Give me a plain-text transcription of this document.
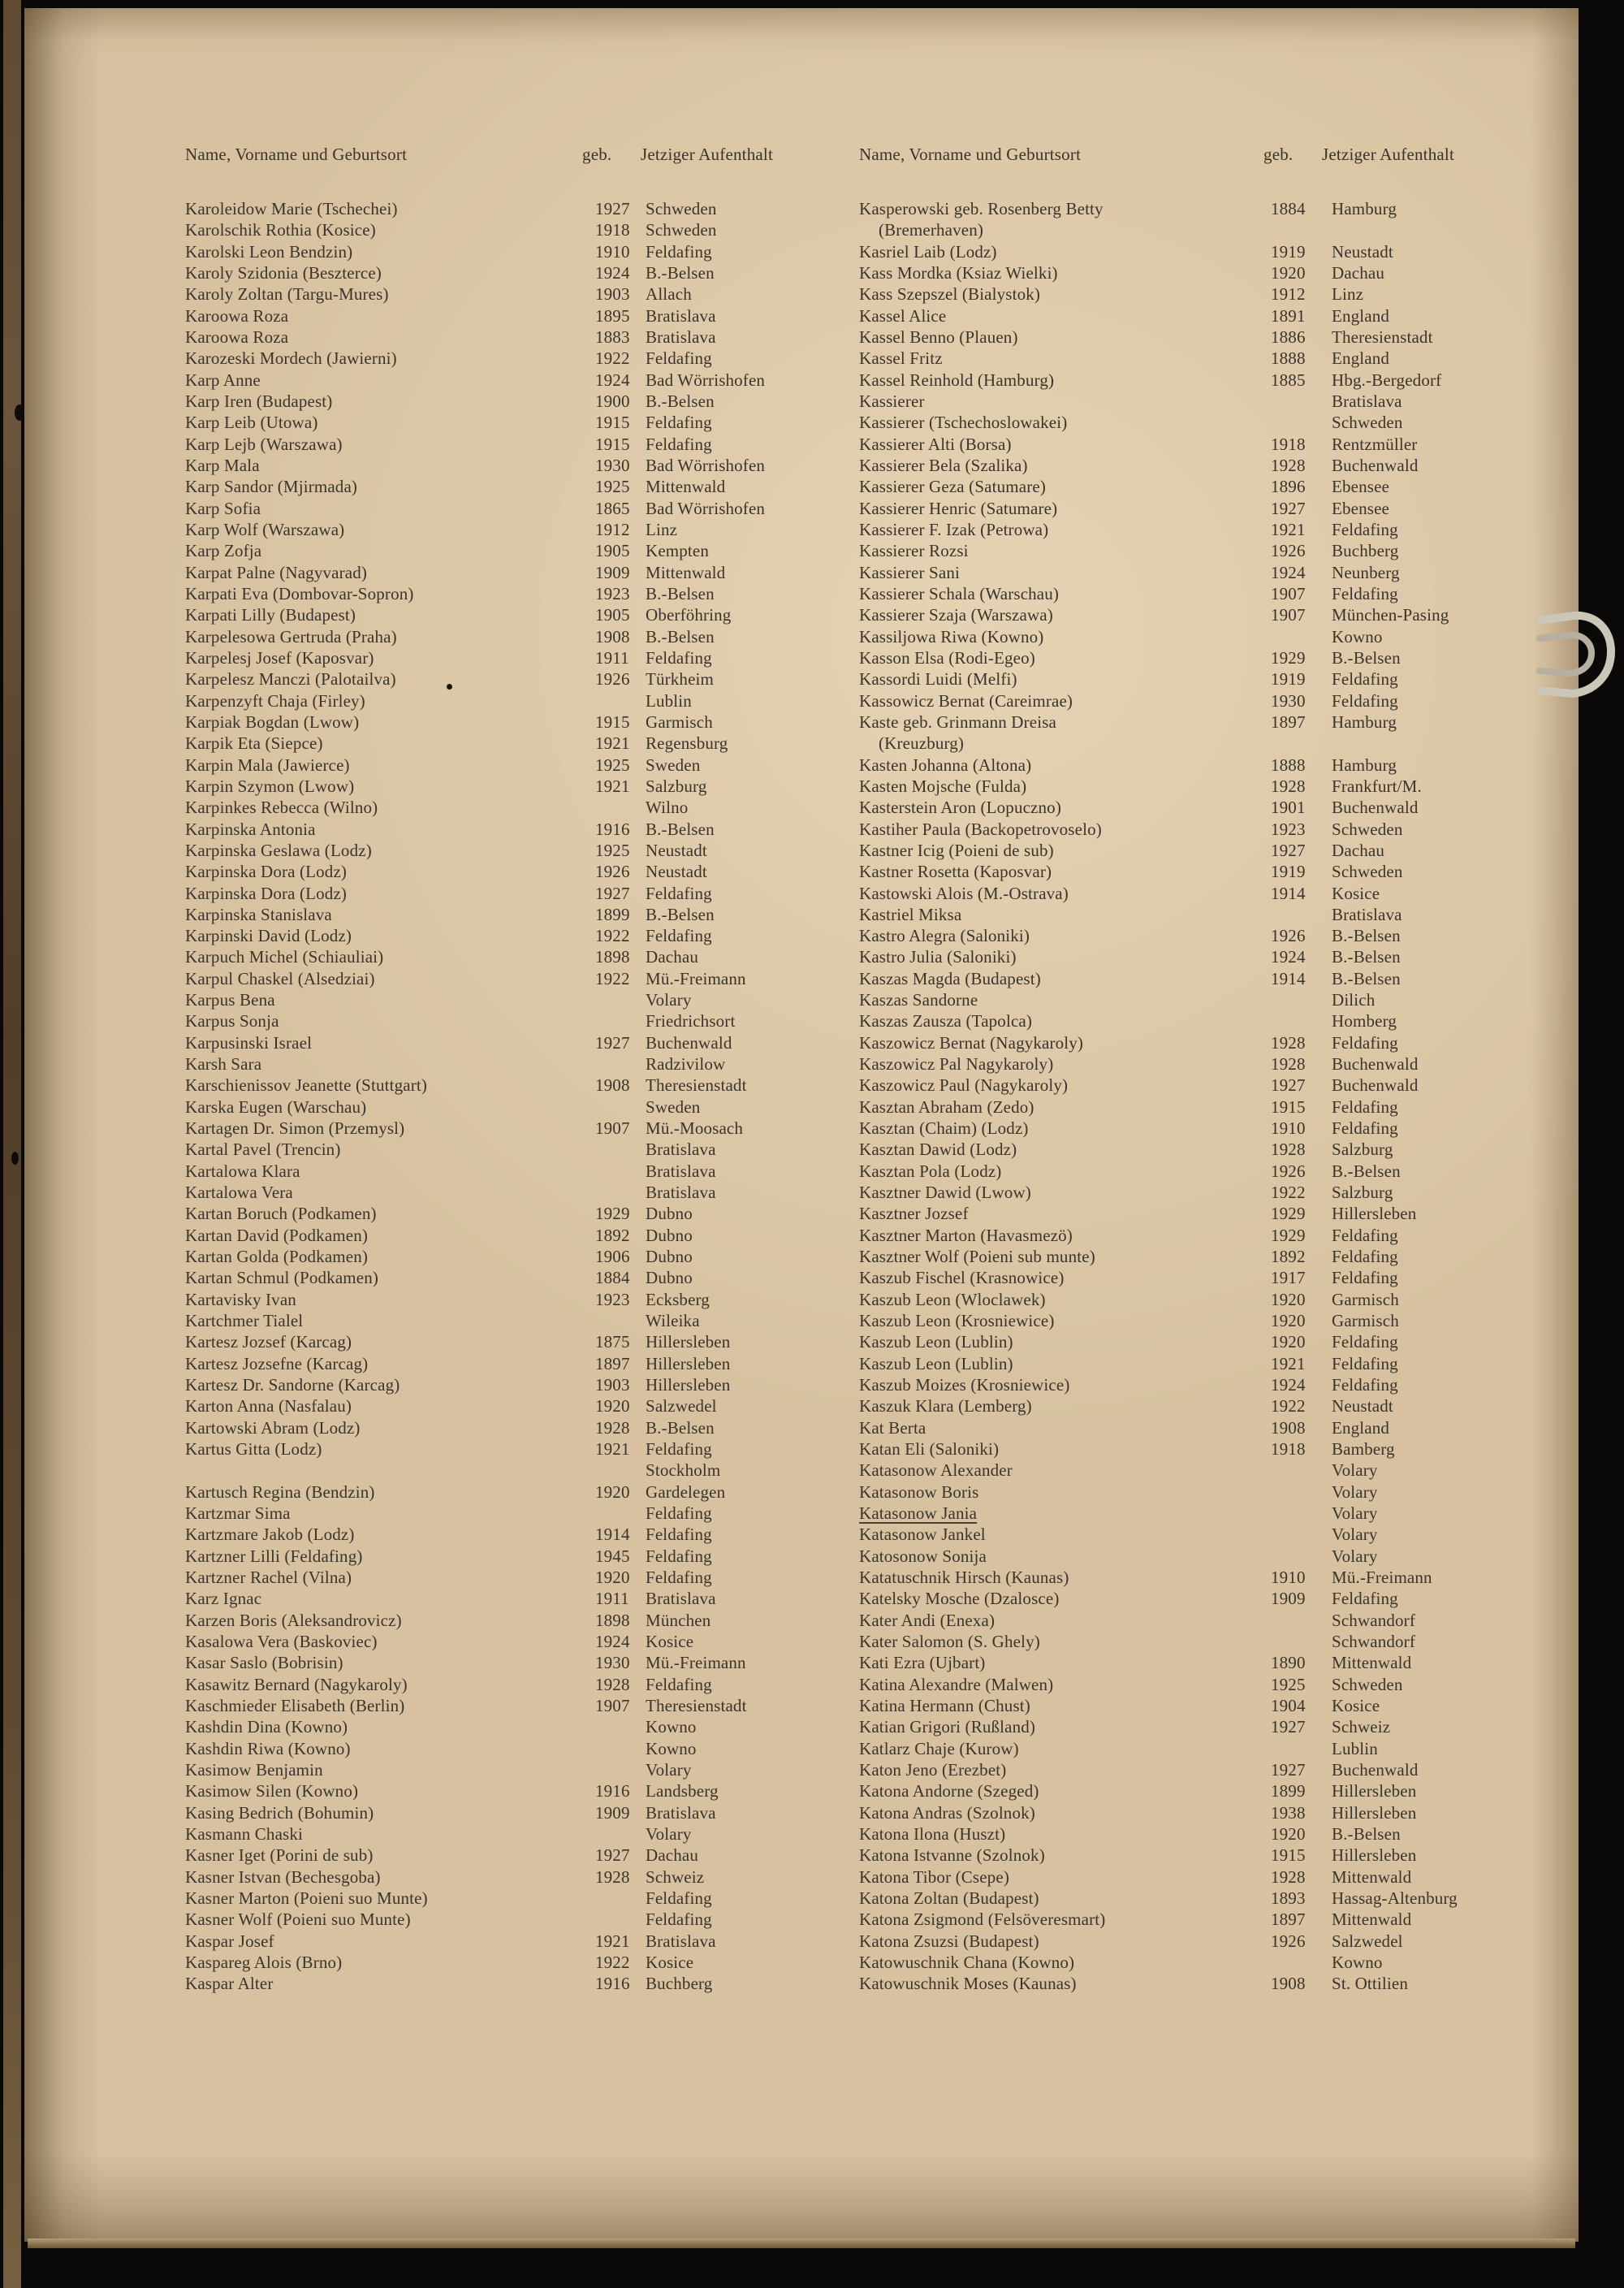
Name, Vorname und Geburtsort	geb. Jetziger Aufenthalt	Name, Vorname und Geburtsort	geb. Jetziger Aufenthalt
Karoleidow Marie (Tschechei)	1927 Schweden
Karolschik Rothia (Kosice)	1918 Schweden
Karolski Leon Bendzin)	1910 Feldafing
Karoly Szidonia (Beszterce)	1924 B.-Belsen
Karoly Zoltan (Targu-Mures)	1903 Allach
Karoowa Roza	1895 Bratislava
Karoowa Roza	1883 Bratislava
Karozeski Mordech (Jawierni)	1922 Feldafing
Karp Anne	1924 Bad Wörrishofen
Karp Iren (Budapest)	1900 B.-Belsen
Karp Leib (Utowa)	1915 Feldafing
Karp Lejb (Warszawa)	1915 Feldafing
Karp Mala	1930 Bad Wörrishofen
Karp Sandor (Mjirmada)	1925 Mittenwald
Karp Sofia	1865 Bad Wörrishofen
Karp Wolf (Warszawa)	1912 Linz
Karp Zofja	1905 Kempten
Karpat Palne (Nagyvarad)	1909 Mittenwald
Karpati Eva (Dombovar-Sopron)	1923 B.-Belsen
Karpati Lilly (Budapest)	1905 Oberföhring
Karpelesowa Gertruda (Praha)	1908 B.-Belsen
Karpelesj Josef (Kaposvar)	1911 Feldafing
Karpelesz Manczi (Palotailva)	1926 Türkheim
Karpenzyft Chaja (Firley)	Lublin
Karpiak Bogdan (Lwow)	1915 Garmisch
Karpik Eta (Siepce)	1921 Regensburg
Karpin Mala (Jawierce)	1925 Sweden
Karpin Szymon (Lwow)	1921 Salzburg
Karpinkes Rebecca (Wilno)	Wilno
Karpinska Antonia	1916 B.-Belsen
Karpinska Geslawa (Lodz)	1925 Neustadt
Karpinska Dora (Lodz)	1926 Neustadt
Karpinska Dora (Lodz)	1927 Feldafing
Karpinska Stanislava	1899 B.-Belsen
Karpinski David (Lodz)	1922 Feldafing
Karpuch Michel (Schiauliai)	1898 Dachau
Karpul Chaskel (Alsedziai)	1922 Mü.-Freimann
Karpus Bena	Volary
Karpus Sonja	Friedrichsort
Karpusinski Israel	1927 Buchenwald
Karsh Sara	Radzivilow
Karschienissov Jeanette (Stuttgart)	1908 Theresienstadt
Karska Eugen (Warschau)	Sweden
Kartagen Dr. Simon (Przemysl)	1907 Mü.-Moosach
Kartal Pavel (Trencin)	Bratislava
Kartalowa Klara	Bratislava
Kartalowa Vera	Bratislava
Kartan Boruch (Podkamen)	1929 Dubno
Kartan David (Podkamen)	1892 Dubno
Kartan Golda (Podkamen)	1906 Dubno
Kartan Schmul (Podkamen)	1884 Dubno
Kartavisky Ivan	1923 Ecksberg
Kartchmer Tialel	Wileika
Kartesz Jozsef (Karcag)	1875 Hillersleben
Kartesz Jozsefne (Karcag)	1897 Hillersleben
Kartesz Dr. Sandorne (Karcag)	1903 Hillersleben
Karton Anna (Nasfalau)	1920 Salzwedel
Kartowski Abram (Lodz)	1928 B.-Belsen
Kartus Gitta (Lodz)	1921 Feldafing
Stockholm
Kartusch Regina (Bendzin)	1920 Gardelegen
Kartzmar Sima	Feldafing
Kartzmare Jakob (Lodz)	1914 Feldafing
Kartzner Lilli (Feldafing)	1945 Feldafing
Kartzner Rachel (Vilna)	1920 Feldafing
Karz Ignac	1911 Bratislava
Karzen Boris (Aleksandrovicz)	1898 München
Kasalowa Vera (Baskoviec)	1924 Kosice
Kasar Saslo (Bobrisin)	1930 Mü.-Freimann
Kasawitz Bernard (Nagykaroly)	1928 Feldafing
Kaschmieder Elisabeth (Berlin)	1907 Theresienstadt
Kashdin Dina (Kowno)	Kowno
Kashdin Riwa (Kowno)	Kowno
Kasimow Benjamin	Volary
Kasimow Silen (Kowno)	1916 Landsberg
Kasing Bedrich (Bohumin)	1909 Bratislava
Kasmann Chaski	Volary
Kasner Iget (Porini de sub)	1927 Dachau
Kasner Istvan (Bechesgoba)	1928 Schweiz
Kasner Marton (Poieni suo Munte)	Feldafing
Kasner Wolf (Poieni suo Munte)	Feldafing
Kaspar Josef	1921 Bratislava
Kaspareg Alois (Brno)	1922 Kosice
Kaspar Alter	1916 Buchberg
Kasperowski geb. Rosenberg Betty	1884	Hamburg
(Bremerhaven)
Kasriel Laib (Lodz)	1919	Neustadt
Kass Mordka (Ksiaz Wielki)	1920	Dachau
Kass Szepszel (Bialystok)	1912	Linz
Kassel Alice	1891	England
Kassel Benno (Plauen)	1886	Theresienstadt
Kassel Fritz	1888	England
Kassel Reinhold (Hamburg)	1885	Hbg.-Bergedorf
Kassierer	Bratislava
Kassierer (Tschechoslowakei)	Schweden
Kassierer Alti (Borsa)	1918	Rentzmüller
Kassierer Bela (Szalika)	1928	Buchenwald
Kassierer Geza (Satumare)	1896	Ebensee
Kassierer Henric (Satumare)	1927	Ebensee
Kassierer F. Izak (Petrowa)	1921	Feldafing
Kassierer Rozsi	1926	Buchberg
Kassierer Sani	1924	Neunberg
Kassierer Schala (Warschau)	1907	Feldafing
Kassierer Szaja (Warszawa)	1907	München-Pasing
Kassiljowa Riwa (Kowno)	Kowno
Kasson Elsa (Rodi-Egeo)	1929	B.-Belsen
Kassordi Luidi (Melfi)	1919	Feldafing
Kassowicz Bernat (Careimrae)	1930	Feldafing
Kaste geb. Grinmann Dreisa	1897	Hamburg
(Kreuzburg)
Kasten Johanna (Altona)	1888	Hamburg
Kasten Mojsche (Fulda)	1928	Frankfurt/M.
Kasterstein Aron (Lopuczno)	1901	Buchenwald
Kastiher Paula (Backopetrovoselo)	1923	Schweden
Kastner Icig (Poieni de sub)	1927	Dachau
Kastner Rosetta (Kaposvar)	1919	Schweden
Kastowski Alois (M.-Ostrava)	1914	Kosice
Kastriel Miksa	Bratislava
Kastro Alegra (Saloniki)	1926	B.-Belsen
Kastro Julia (Saloniki)	1924	B.-Belsen
Kaszas Magda (Budapest)	1914	B.-Belsen
Kaszas Sandorne	Dilich
Kaszas Zausza (Tapolca)	Homberg
Kaszowicz Bernat (Nagykaroly)	1928	Feldafing
Kaszowicz Pal Nagykaroly)	1928	Buchenwald
Kaszowicz Paul (Nagykaroly)	1927	Buchenwald
Kasztan Abraham (Zedo)	1915	Feldafing
Kasztan (Chaim) (Lodz)	1910	Feldafing
Kasztan Dawid (Lodz)	1928	Salzburg
Kasztan Pola (Lodz)	1926	B.-Belsen
Kasztner Dawid (Lwow)	1922	Salzburg
Kasztner Jozsef	1929	Hillersleben
Kasztner Marton (Havasmezö)	1929	Feldafing
Kasztner Wolf (Poieni sub munte)	1892	Feldafing
Kaszub Fischel (Krasnowice)	1917	Feldafing
Kaszub Leon (Wloclawek)	1920	Garmisch
Kaszub Leon (Krosniewice)	1920	Garmisch
Kaszub Leon (Lublin)	1920	Feldafing
Kaszub Leon (Lublin)	1921	Feldafing
Kaszub Moizes (Krosniewice)	1924	Feldafing
Kaszuk Klara (Lemberg)	1922	Neustadt
Kat Berta	1908	England
Katan Eli (Saloniki)	1918	Bamberg
Katasonow Alexander	Volary
Katasonow Boris	Volary
Katasonow Jania	Volary
Katasonow Jankel	Volary
Katosonow Sonija	Volary
Katatuschnik Hirsch (Kaunas)	1910	Mü.-Freimann
Katelsky Mosche (Dzalosce)	1909	Feldafing
Kater Andi (Enexa)	Schwandorf
Kater Salomon (S. Ghely)	Schwandorf
Kati Ezra (Ujbart)	1890	Mittenwald
Katina Alexandre (Malwen)	1925	Schweden
Katina Hermann (Chust)	1904	Kosice
Katian Grigori (Rußland)	1927	Schweiz
Katlarz Chaje (Kurow)	Lublin
Katon Jeno (Erezbet)	1927	Buchenwald
Katona Andorne (Szeged)	1899	Hillersleben
Katona Andras (Szolnok)	1938	Hillersleben
Katona Ilona (Huszt)	1920	B.-Belsen
Katona Istvanne (Szolnok)	1915	Hillersleben
Katona Tibor (Csepe)	1928	Mittenwald
Katona Zoltan (Budapest)	1893	Hassag-Altenburg
Katona Zsigmond (Felsöveresmart)	1897	Mittenwald
Katona Zsuzsi (Budapest)	1926	Salzwedel
Katowuschnik Chana (Kowno)	Kowno
Katowuschnik Moses (Kaunas)	1908	St. Ottilien
